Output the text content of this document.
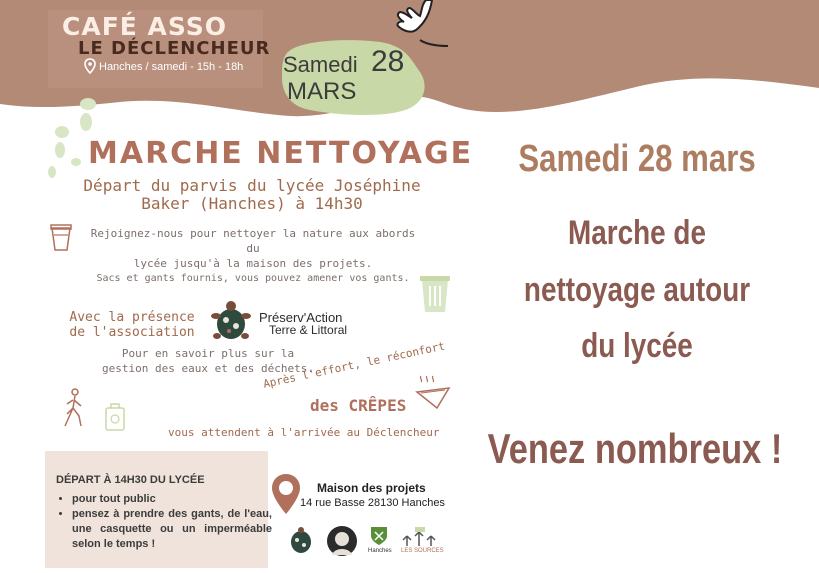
CAFÉ ASSO
LE DÉCLENCHEUR
Hanches / samedi - 15h - 18h Samedi 28
MARS
MARCHE NETTOYAGE
Départ du parvis du lycée Joséphine
Baker (Hanches) à 14h30
Rejoignez-nous pour nettoyer la nature aux abords du
lycée jusqu'à la maison des projets.
Sacs et gants fournis, vous pouvez amener vos gants.
Avec la présence
de l'association
Préserv'Action
Terre & Littoral
Pour en savoir plus sur la
gestion des eaux et des déchets.
Après l'effort, le réconfort
des CRÊPES
vous attendent à l'arrivée au Déclencheur
DÉPART À 14H30 DU LYCÉE
• pour tout public
• pensez à prendre des gants, de l'eau, une casquette ou un imperméable selon le temps !
Maison des projets
14 rue Basse 28130 Hanches
Hanches LES SOURCES
Samedi 28 mars
Marche de
nettoyage autour
du lycée
Venez nombreux !
